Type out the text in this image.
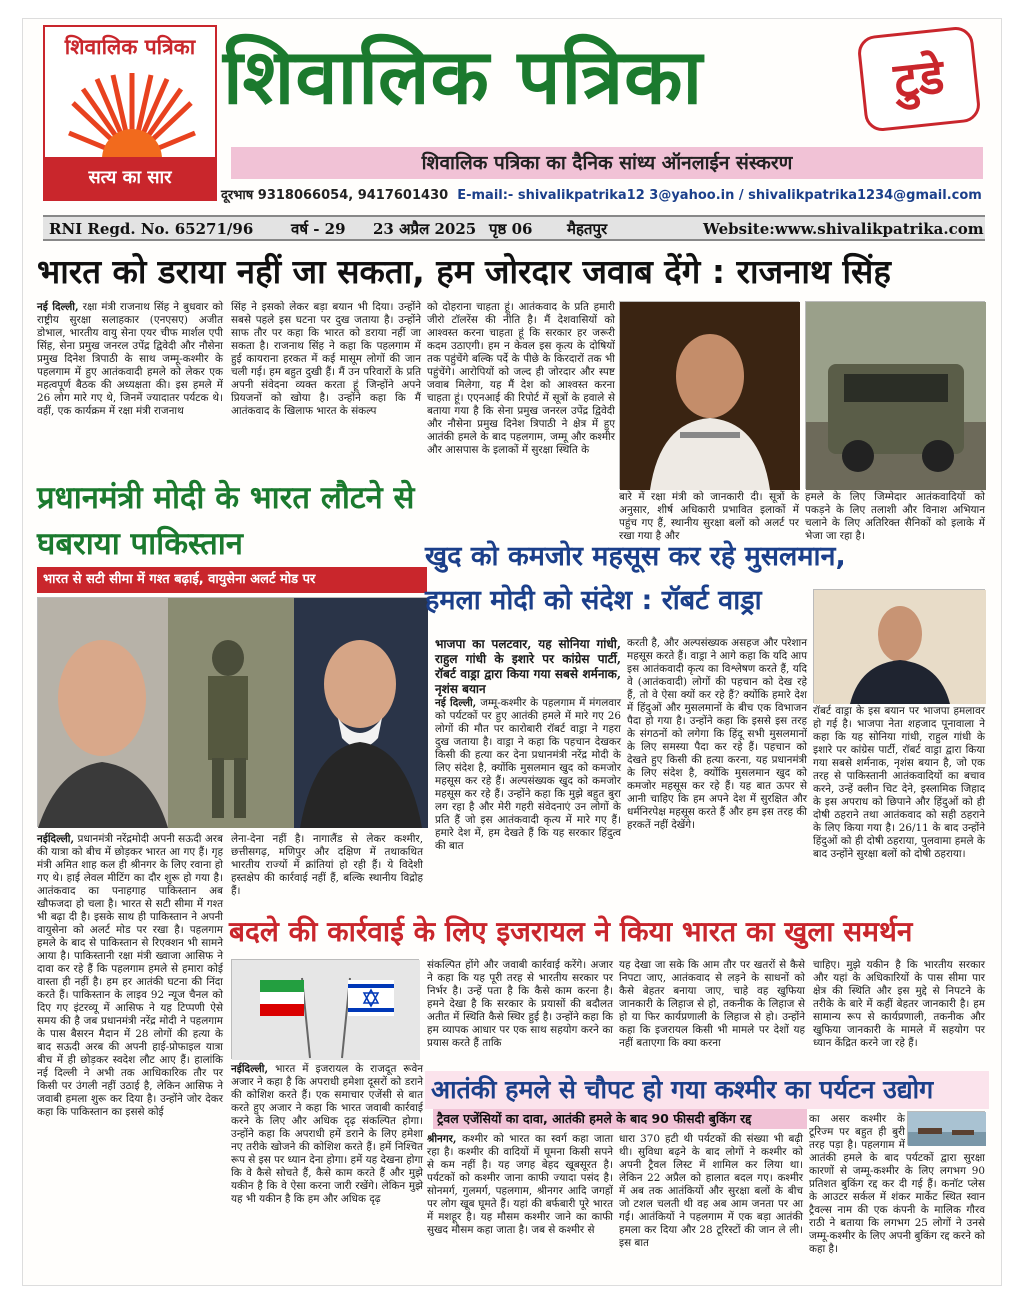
शिवालिक पत्रिका
सत्य का सार
शिवालिक पत्रिका	टुडे
शिवालिक पत्रिका का दैनिक सांध्य ऑनलाईन संस्करण
दूरभाष 9318066054, 9417601430 E-mail:- shivalikpatrika12 3@yahoo.in / shivalikpatrika1234@gmail.com
RNI Regd. No. 65271/96	वर्ष - 29 23 अप्रैल 2025 पृष्ठ 06 मैहतपुर	Website:www.shivalikpatrika.com
भारत को डराया नहीं जा सकता, हम जोरदार जवाब देंगे : राजनाथ सिंह
नई दिल्ली, रक्षा मंत्री राजनाथ सिंह ने बुधवार को राष्ट्रीय सुरक्षा सलाहकार (एनएसए) अजीत डोभाल, भारतीय वायु सेना एयर चीफ मार्शल एपी सिंह, सेना प्रमुख जनरल उपेंद्र द्विवेदी और नौसेना प्रमुख दिनेश त्रिपाठी के साथ जम्मू-कश्मीर के पहलगाम में हुए आतंकवादी हमले को लेकर एक महत्वपूर्ण बैठक की अध्यक्षता की। इस हमले में 26 लोग मारे गए थे, जिनमें ज्यादातर पर्यटक थे। वहीं, एक कार्यक्रम में रक्षा मंत्री राजनाथ
सिंह ने इसको लेकर बड़ा बयान भी दिया। उन्होंने सबसे पहले इस घटना पर दुख जताया है। उन्होंने साफ तौर पर कहा कि भारत को डराया नहीं जा सकता है। राजनाथ सिंह ने कहा कि पहलगाम में हुई कायराना हरकत में कई मासूम लोगों की जान चली गई। हम बहुत दुखी हैं। मैं उन परिवारों के प्रति अपनी संवेदना व्यक्त करता हूं जिन्होंने अपने प्रियजनों को खोया है। उन्होंने कहा कि मैं आतंकवाद के खिलाफ भारत के संकल्प
को दोहराना चाहता हूं। आतंकवाद के प्रति हमारी जीरो टॉलरेंस की नीति है। मैं देशवासियों को आश्वस्त करना चाहता हूं कि सरकार हर जरूरी कदम उठाएगी। हम न केवल इस कृत्य के दोषियों तक पहुंचेंगे बल्कि पर्दे के पीछे के किरदारों तक भी पहुंचेंगे। आरोपियों को जल्द ही जोरदार और स्पष्ट जवाब मिलेगा, यह मैं देश को आश्वस्त करना चाहता हूं। एएनआई की रिपोर्ट में सूत्रों के हवाले से बताया गया है कि सेना प्रमुख जनरल उपेंद्र द्विवेदी और नौसेना प्रमुख दिनेश त्रिपाठी ने क्षेत्र में हुए आतंकी हमले के बाद पहलगाम, जम्मू और कश्मीर और आसपास के इलाकों में सुरक्षा स्थिति के
बारे में रक्षा मंत्री को जानकारी दी। सूत्रों के अनुसार, शीर्ष अधिकारी प्रभावित इलाकों में पहुंच गए हैं, स्थानीय सुरक्षा बलों को अलर्ट पर रखा गया है और
हमले के लिए जिम्मेदार आतंकवादियों को पकड़ने के लिए तलाशी और विनाश अभियान चलाने के लिए अतिरिक्त सैनिकों को इलाके में भेजा जा रहा है।
प्रधानमंत्री मोदी के भारत लौटने से घबराया पाकिस्तान
भारत से सटी सीमा में गश्त बढ़ाई, वायुसेना अलर्ट मोड पर
नईदिल्ली, प्रधानमंत्री नरेंद्रमोदी अपनी सऊदी अरब की यात्रा को बीच में छोड़कर भारत आ गए हैं। गृह मंत्री अमित शाह कल ही श्रीनगर के लिए रवाना हो गए थे। हाई लेवल मीटिंग का दौर शुरू हो गया है। आतंकवाद का पनाहगाह पाकिस्तान अब खौफजदा हो चला है। भारत से सटी सीमा में गश्त भी बढ़ा दी है। इसके साथ ही पाकिस्तान ने अपनी वायुसेना को अलर्ट मोड पर रखा है। पहलगाम हमले के बाद से पाकिस्तान से रिएक्शन भी सामने आया है। पाकिस्तानी रक्षा मंत्री ख्वाजा आसिफ ने दावा कर रहे हैं कि पहलगाम हमले से हमारा कोई वास्ता ही नहीं है। हम हर आतंकी घटना की निंदा करते हैं। पाकिस्तान के लाइव 92 न्यूज चैनल को दिए गए इंटरव्यू में आसिफ ने यह टिप्पणी ऐसे समय की है जब प्रधानमंत्री नरेंद्र मोदी ने पहलगाम के पास बैसरन मैदान में 28 लोगों की हत्या के बाद सऊदी अरब की अपनी हाई-प्रोफाइल यात्रा बीच में ही छोड़कर स्वदेश लौट आए हैं। हालांकि नई दिल्ली ने अभी तक आधिकारिक तौर पर किसी पर उंगली नहीं उठाई है, लेकिन आसिफ ने जवाबी हमला शुरू कर दिया है। उन्होंने जोर देकर कहा कि पाकिस्तान का इससे कोई
लेना-देना नहीं है। नागालैंड से लेकर कश्मीर, छत्तीसगढ़, मणिपुर और दक्षिण में तथाकथित भारतीय राज्यों में क्रांतियां हो रही हैं। ये विदेशी हस्तक्षेप की कार्रवाई नहीं हैं, बल्कि स्थानीय विद्रोह हैं।
खुद को कमजोर महसूस कर रहे मुसलमान,
हमला मोदी को संदेश : रॉबर्ट वाड्रा
भाजपा का पलटवार, यह सोनिया गांधी, राहुल गांधी के इशारे पर कांग्रेस पार्टी, रॉबर्ट वाड्रा द्वारा किया गया सबसे शर्मनाक, नृशंस बयान
नई दिल्ली, जम्मू-कश्मीर के पहलगाम में मंगलवार को पर्यटकों पर हुए आतंकी हमले में मारे गए 26 लोगों की मौत पर कारोबारी रॉबर्ट वाड्रा ने गहरा दुख जताया है। वाड्रा ने कहा कि पहचान देखकर किसी की हत्या कर देना प्रधानमंत्री नरेंद्र मोदी के लिए संदेश है, क्योंकि मुसलमान खुद को कमजोर महसूस कर रहे हैं। अल्पसंख्यक खुद को कमजोर महसूस कर रहे हैं। उन्होंने कहा कि मुझे बहुत बुरा लग रहा है और मेरी गहरी संवेदनाएं उन लोगों के प्रति हैं जो इस आतंकवादी कृत्य में मारे गए हैं। हमारे देश में, हम देखते हैं कि यह सरकार हिंदुत्व की बात
करती है, और अल्पसंख्यक असहज और परेशान महसूस करते हैं। वाड्रा ने आगे कहा कि यदि आप इस आतंकवादी कृत्य का विश्लेषण करते हैं, यदि वे (आतंकवादी) लोगों की पहचान को देख रहे हैं, तो वे ऐसा क्यों कर रहे हैं? क्योंकि हमारे देश में हिंदुओं और मुसलमानों के बीच एक विभाजन पैदा हो गया है। उन्होंने कहा कि इससे इस तरह के संगठनों को लगेगा कि हिंदू सभी मुसलमानों के लिए समस्या पैदा कर रहे हैं। पहचान को देखते हुए किसी की हत्या करना, यह प्रधानमंत्री के लिए संदेश है, क्योंकि मुसलमान खुद को कमजोर महसूस कर रहे हैं। यह बात ऊपर से आनी चाहिए कि हम अपने देश में सुरक्षित और धर्मनिरपेक्ष महसूस करते हैं और हम इस तरह की हरकतें नहीं देखेंगे।
रॉबर्ट वाड्रा के इस बयान पर भाजपा हमलावर हो गई है। भाजपा नेता शहजाद पूनावाला ने कहा कि यह सोनिया गांधी, राहुल गांधी के इशारे पर कांग्रेस पार्टी, रॉबर्ट वाड्रा द्वारा किया गया सबसे शर्मनाक, नृशंस बयान है, जो एक तरह से पाकिस्तानी आतंकवादियों का बचाव करने, उन्हें क्लीन चिट देने, इस्लामिक जिहाद के इस अपराध को छिपाने और हिंदुओं को ही दोषी ठहराने तथा आतंकवाद को सही ठहराने के लिए किया गया है। 26/11 के बाद उन्होंने हिंदुओं को ही दोषी ठहराया, पुलवामा हमले के बाद उन्होंने सुरक्षा बलों को दोषी ठहराया।
बदले की कार्रवाई के लिए इजरायल ने किया भारत का खुला समर्थन
नईदिल्ली, भारत में इजरायल के राजदूत रूवेन अजार ने कहा है कि अपराधी हमेशा दूसरों को डराने की कोशिश करते हैं। एक समाचार एजेंसी से बात करते हुए अजार ने कहा कि भारत जवाबी कार्रवाई करने के लिए और अधिक दृढ़ संकल्पित होगा। उन्होंने कहा कि अपराधी हमें डराने के लिए हमेशा नए तरीके खोजने की कोशिश करते हैं। हमें निश्चित रूप से इस पर ध्यान देना होगा। हमें यह देखना होगा कि वे कैसे सोचते हैं, कैसे काम करते हैं और मुझे यकीन है कि वे ऐसा करना जारी रखेंगे। लेकिन मुझे यह भी यकीन है कि हम और अधिक दृढ़
संकल्पित होंगे और जवाबी कार्रवाई करेंगे। अजार ने कहा कि यह पूरी तरह से भारतीय सरकार पर निर्भर है। उन्हें पता है कि कैसे काम करना है। हमने देखा है कि सरकार के प्रयासों की बदौलत अतीत में स्थिति कैसे स्थिर हुई है। उन्होंने कहा कि हम व्यापक आधार पर एक साथ सहयोग करने का प्रयास करते हैं ताकि
यह देखा जा सके कि आम तौर पर खतरों से कैसे निपटा जाए, आतंकवाद से लड़ने के साधनों को कैसे बेहतर बनाया जाए, चाहे वह खुफिया जानकारी के लिहाज से हो, तकनीक के लिहाज से हो या फिर कार्यप्रणाली के लिहाज से हो। उन्होंने कहा कि इजरायल किसी भी मामले पर देशों यह नहीं बताएगा कि क्या करना
चाहिए। मुझे यकीन है कि भारतीय सरकार और यहां के अधिकारियों के पास सीमा पार क्षेत्र की स्थिति और इस मुद्दे से निपटने के तरीके के बारे में कहीं बेहतर जानकारी है। हम सामान्य रूप से कार्यप्रणाली, तकनीक और खुफिया जानकारी के मामले में सहयोग पर ध्यान केंद्रित करने जा रहे हैं।
आतंकी हमले से चौपट हो गया कश्मीर का पर्यटन उद्योग
ट्रैवल एजेंसियों का दावा, आतंकी हमले के बाद 90 फीसदी बुकिंग रद्द
श्रीनगर, कश्मीर को भारत का स्वर्ग कहा जाता रहा है। कश्मीर की वादियों में घूमना किसी सपने से कम नहीं है। यह जगह बेहद खूबसूरत है। पर्यटकों को कश्मीर जाना काफी ज्यादा पसंद है। सोनमर्ग, गुलमर्ग, पहलगाम, श्रीनगर आदि जगहों पर लोग खूब घूमते हैं। यहां की बर्फबारी पूरे भारत में मशहूर है। यह मौसम कश्मीर जाने का काफी सुखद मौसम कहा जाता है। जब से कश्मीर से
धारा 370 हटी थी पर्यटकों की संख्या भी बढ़ी थी। सुविधा बढ़ने के बाद लोगों ने कश्मीर को अपनी ट्रैवल लिस्ट में शामिल कर लिया था। लेकिन 22 अप्रैल को हालात बदल गए। कश्मीर में अब तक आतंकियों और सुरक्षा बलों के बीच जो टशल चलती थी वह अब आम जनता पर आ गई। आतंकियों ने पहलगाम में एक बड़ा आतंकी हमला कर दिया और 28 टूरिस्टों की जान ले ली। इस बात
का असर कश्मीर के टूरिज्म पर बहुत ही बुरी तरह पड़ा है। पहलगाम में आतंकी हमले के बाद पर्यटकों द्वारा सुरक्षा कारणों से जम्मू-कश्मीर के लिए लगभग 90 प्रतिशत बुकिंग रद्द कर दी गई हैं। कनॉट प्लेस के आउटर सर्कल में शंकर मार्केट स्थित स्वान ट्रैवल्स नाम की एक कंपनी के मालिक गौरव राठी ने बताया कि लगभग 25 लोगों ने उनसे जम्मू-कश्मीर के लिए अपनी बुकिंग रद्द करने को कहा है।
